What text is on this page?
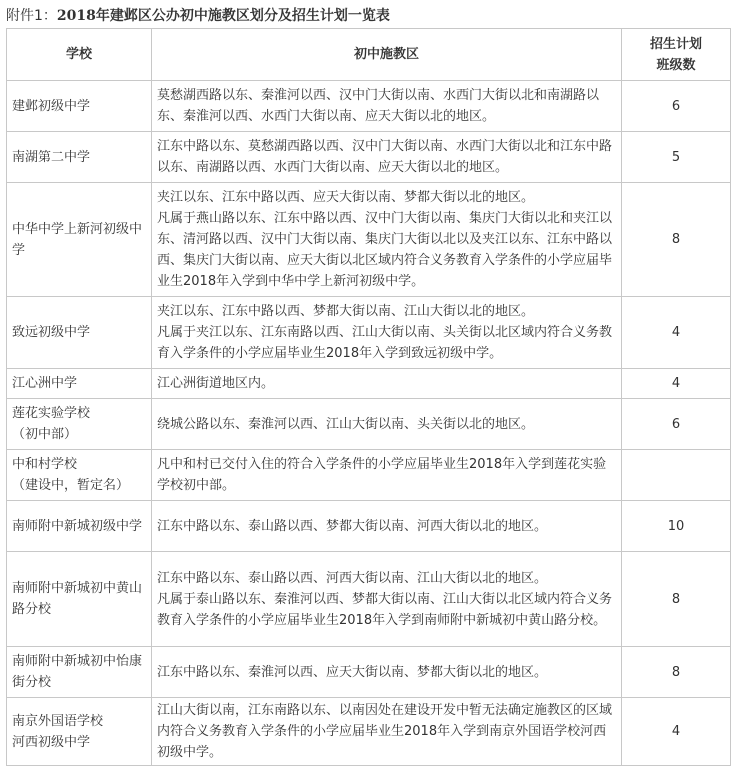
附件1：2018年建邺区公办初中施教区划分及招生计划一览表
学校	初中施教区	招生计划
班级数

建邺初级中学	莫愁湖西路以东、秦淮河以西、汉中门大街以南、水西门大街以北和南湖路以东、秦淮河以西、水西门大街以南、应天大街以北的地区。	6

南湖第二中学	江东中路以东、莫愁湖西路以西、汉中门大街以南、水西门大街以北和江东中路以东、南湖路以西、水西门大街以南、应天大街以北的地区。	5

中华中学上新河初级中学	夹江以东、江东中路以西、应天大街以南、梦都大街以北的地区。
凡属于燕山路以东、江东中路以西、汉中门大街以南、集庆门大街以北和夹江以东、清河路以西、汉中门大街以南、集庆门大街以北以及夹江以东、江东中路以西、集庆门大街以南、应天大街以北区域内符合义务教育入学条件的小学应届毕业生2018年入学到中华中学上新河初级中学。	8

致远初级中学	夹江以东、江东中路以西、梦都大街以南、江山大街以北的地区。
凡属于夹江以东、江东南路以西、江山大街以南、头关街以北区域内符合义务教育入学条件的小学应届毕业生2018年入学到致远初级中学。	4

江心洲中学	江心洲街道地区内。	4

莲花实验学校
（初中部）	绕城公路以东、秦淮河以西、江山大街以南、头关街以北的地区。	6

中和村学校
（建设中，暂定名）	凡中和村已交付入住的符合入学条件的小学应届毕业生2018年入学到莲花实验学校初中部。	

南师附中新城初级中学	江东中路以东、泰山路以西、梦都大街以南、河西大街以北的地区。	10

南师附中新城初中黄山路分校	江东中路以东、泰山路以西、河西大街以南、江山大街以北的地区。
凡属于泰山路以东、秦淮河以西、梦都大街以南、江山大街以北区域内符合义务教育入学条件的小学应届毕业生2018年入学到南师附中新城初中黄山路分校。	8

南师附中新城初中怡康街分校	江东中路以东、秦淮河以西、应天大街以南、梦都大街以北的地区。	8

南京外国语学校
河西初级中学	江山大街以南，江东南路以东、以南因处在建设开发中暂无法确定施教区的区域内符合义务教育入学条件的小学应届毕业生2018年入学到南京外国语学校河西初级中学。	4
